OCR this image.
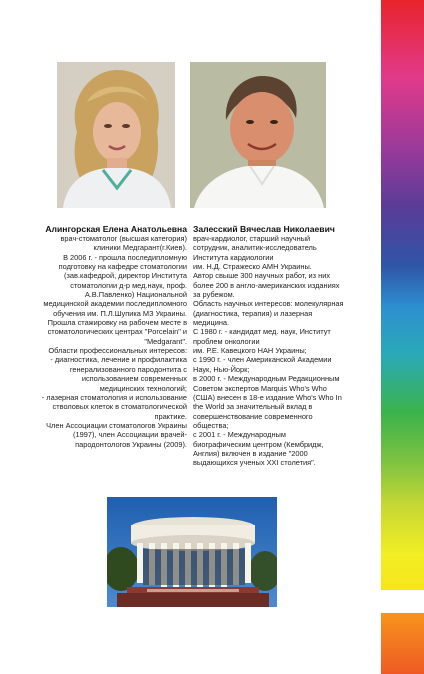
Алингорская Елена Анатольевна

врач-стоматолог (высшая категория)
клиники Медгарант(г.Киев).
В 2006 г. - прошла последипломную
подготовку на кафедре стоматологии
(зав.кафедрой, директор Института
стоматологии д-р мед.наук, проф.
А.В.Павленко) Национальной
медицинской академии последипломного
обучения им. П.Л.Шупика МЗ Украины.
Прошла стажировку на рабочем месте в
стоматологических центрах "Porcelain" и
"Medgarant".
Области профессиональных интересов:
- диагностика, лечение и профилактика
генерализованного пародонтита с
использованием современных
медицинских технологий;
- лазерная стоматология и использование
стволовых клеток в стоматологической
практике.
Член Ассоциации стоматологов Украины
(1997), член Ассоциации врачей-
пародонтологов Украины (2009).

Залесский Вячеслав Николаевич

врач-кардиолог, старший научный
сотрудник, аналитик-исследователь
Института кардиологии
им. Н.Д. Стражеско АМН Украины.
Автор свыше 300 научных работ, из них
более 200 в англо-американских изданиях
за рубежом.
Область научных интересов: молекулярная
(диагностика, терапия) и лазерная
медицина.
С 1980 г. - кандидат мед. наук, Институт
проблем онкологии
им. Р.Е. Кавецкого НАН Украины;
с 1990 г. - член Американской Академии
Наук, Нью-Йорк;
в 2000 г. - Международным Редакционным
Советом экспертов Marquis Who's Who
(США) внесен в 18-е издание Who's Who In
the World за значительный вклад в
совершенствование современного
общества;
с 2001 г. - Международным
биографическим центром (Кембридж,
Англия) включен в издание "2000
выдающихся ученых XXI столетия".
